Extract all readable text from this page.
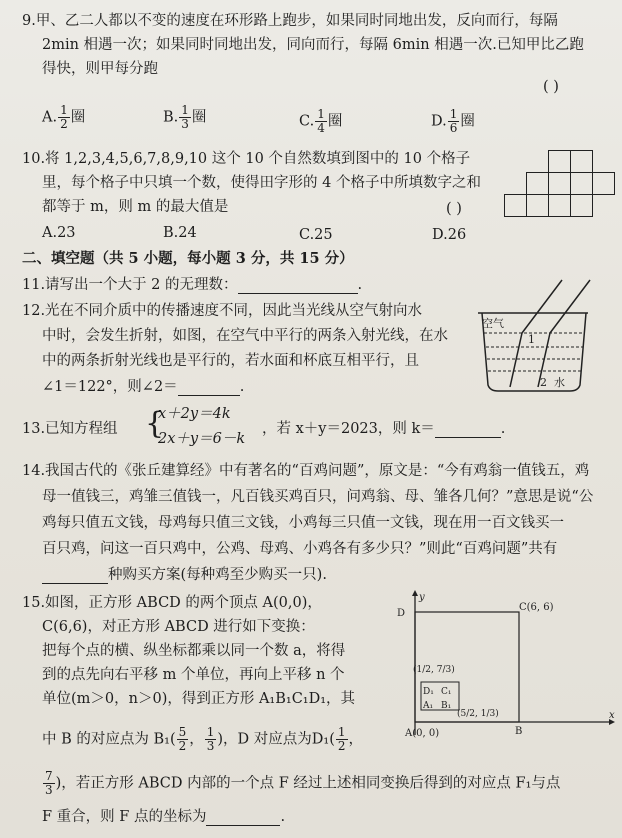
9.甲、乙二人都以不变的速度在环形路上跑步，如果同时同地出发，反向而行，每隔
2min 相遇一次；如果同时同地出发，同向而行，每隔 6min 相遇一次.已知甲比乙跑
得快，则甲每分跑
( )
A. $\frac{1}{2}$ 圈	B. $\frac{1}{3}$ 圈	C. $\frac{1}{4}$ 圈	D. $\frac{1}{6}$ 圈
10.将 1,2,3,4,5,6,7,8,9,10 这个 10 个自然数填到图中的 10 个格子
里，每个格子中只填一个数，使得田字形的 4 个格子中所填数字之和
都等于 m，则 m 的最大值是	( )
A.23	B.24	C.25	D.26
二、填空题（共 5 小题，每小题 3 分，共 15 分）
11.请写出一个大于 2 的无理数：	.
12.光在不同介质中的传播速度不同，因此当光线从空气射向水
中时，会发生折射，如图，在空气中平行的两条入射光线，在水
中的两条折射光线也是平行的，若水面和杯底互相平行，且
∠1＝122°，则∠2＝	.
空气
1
2 水
13.已知方程组 {
x＋2y＝4k
2x＋y＝6－k
，若 x＋y＝2023，则 k＝	.
14.我国古代的《张丘建算经》中有著名的“百鸡问题”，原文是：“今有鸡翁一值钱五，鸡
母一值钱三，鸡雏三值钱一，凡百钱买鸡百只，问鸡翁、母、雏各几何？”意思是说“公
鸡每只值五文钱，母鸡每只值三文钱，小鸡每三只值一文钱，现在用一百文钱买一
百只鸡，问这一百只鸡中，公鸡、母鸡、小鸡各有多少只？”则此“百鸡问题”共有
种购买方案(每种鸡至少购买一只).
15.如图，正方形 ABCD 的两个顶点 A(0,0)，
C(6,6)，对正方形 ABCD 进行如下变换：
把每个点的横、纵坐标都乘以同一个数 a，将得
到的点先向右平移 m 个单位，再向上平移 n 个
单位(m＞0，n＞0)，得到正方形 A₁B₁C₁D₁，其
中 B 的对应点为 $B_1( \frac{5}{2}$ ， $\frac{1}{3}$ )，D 对应点为$D_1( \frac{1}{2}$ ，
$\frac{7}{3}$ )，若正方形 ABCD 内部的一个点 F 经过上述相同变换后得到的对应点 F₁与点
F 重合，则 F 点的坐标为	.
x
y
D
C(6, 6)
B
A(0, 0)
D₁ C₁
A₁ B₁
(1/2, 7/3)
(5/2, 1/3)
